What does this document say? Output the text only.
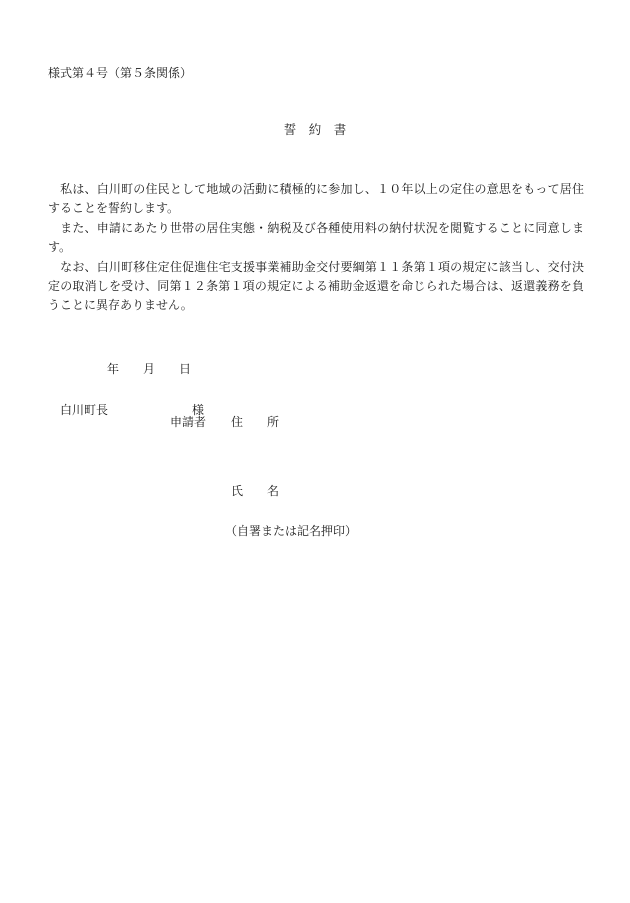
様式第４号（第５条関係）
誓　約　書

私は、白川町の住民として地域の活動に積極的に参加し、１０年以上の定住の意思をもって居住することを誓約します。

また、申請にあたり世帯の居住実態・納税及び各種使用料の納付状況を閲覧することに同意します。

なお、白川町移住定住促進住宅支援事業補助金交付要綱第１１条第１項の規定に該当し、交付決定の取消しを受け、同第１２条第１項の規定による補助金返還を命じられた場合は、返還義務を負うことに異存ありません。

年　　月　　日
白川町長　　　　　　　様
申請者 住　　所
氏　　名
（自署または記名押印）
